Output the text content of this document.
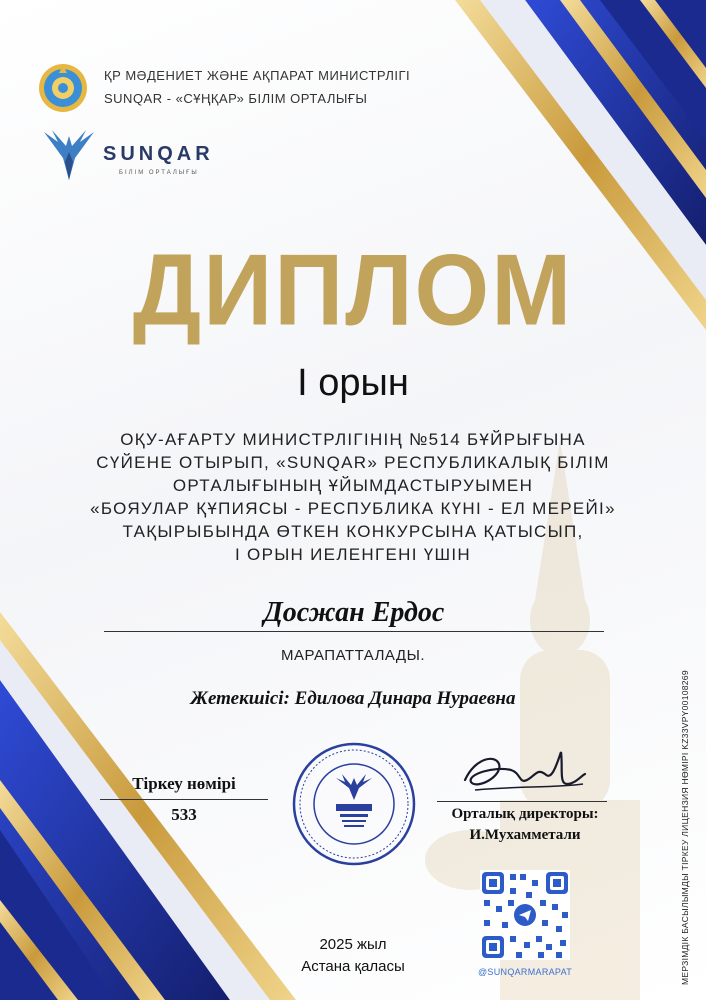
ҚР МӘДЕНИЕТ ЖӘНЕ АҚПАРАТ МИНИСТРЛІГІ
SUNQAR - «СҰҢҚАР» БІЛІМ ОРТАЛЫҒЫ
SUNQAR
БІЛІМ ОРТАЛЫҒЫ
ДИПЛОМ
І орын
ОҚУ-АҒАРТУ МИНИСТРЛІГІНІҢ №514 БҰЙРЫҒЫНА
СҮЙЕНЕ ОТЫРЫП, «SUNQAR» РЕСПУБЛИКАЛЫҚ БІЛІМ
ОРТАЛЫҒЫНЫҢ ҰЙЫМДАСТЫРУЫМЕН
«БОЯУЛАР ҚҰПИЯСЫ - РЕСПУБЛИКА КҮНІ - ЕЛ МЕРЕЙІ»
ТАҚЫРЫБЫНДА ӨТКЕН КОНКУРСЫНА ҚАТЫСЫП,
І ОРЫН ИЕЛЕНГЕНІ ҮШІН
Досжан Ердос
МАРАПАТТАЛАДЫ.
Жетекшісі: Едилова Динара Нураевна
Тіркеу нөмірі
533	Орталық директоры:
И.Мухамметали
2025 жыл
Астана қаласы	@SUNQARMARAPAT	МЕРЗІМДІК БАСЫЛЫМДЫ ТІРКЕУ ЛИЦЕНЗИЯ НӨМІРІ KZ33VPY00108269
